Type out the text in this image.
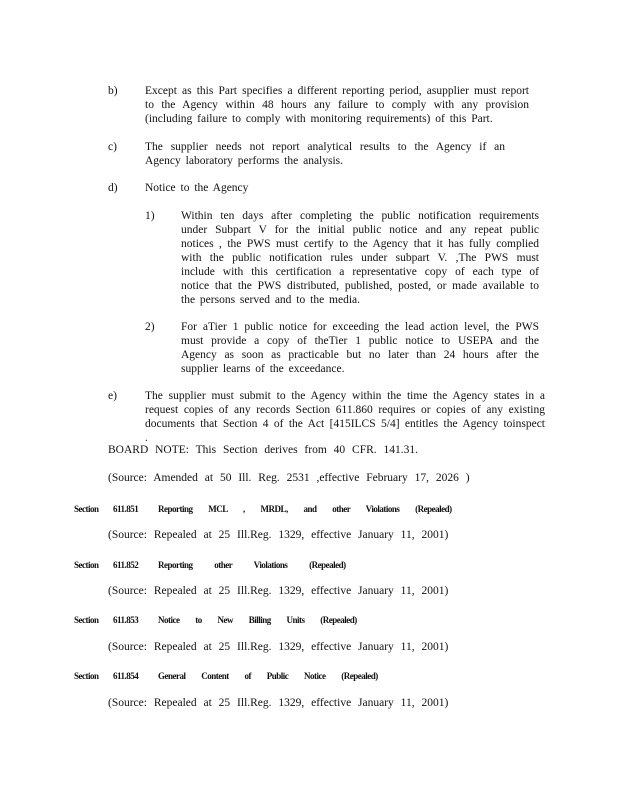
b) Except as this Part specifies a different reporting period, asupplier must report to the Agency within 48 hours any failure to comply with any provision (including failure to comply with monitoring requirements) of this Part.
c) The supplier needs not report analytical results to the Agency if an Agency laboratory performs the analysis.
d) Notice to the Agency
1) Within ten days after completing the public notification requirements under Subpart V for the initial public notice and any repeat public notices , the PWS must certify to the Agency that it has fully complied with the public notification rules under subpart V. ,The PWS must include with this certification a representative copy of each type of notice that the PWS distributed, published, posted, or made available to the persons served and to the media.
2) For aTier 1 public notice for exceeding the lead action level, the PWS must provide a copy of theTier 1 public notice to USEPA and the Agency as soon as practicable but no later than 24 hours after the supplier learns of the exceedance.
e) The supplier must submit to the Agency within the time the Agency states in a request copies of any records Section 611.860 requires or copies of any existing documents that Section 4 of the Act [415ILCS 5/4] entitles the Agency toinspect .
BOARD NOTE: This Section derives from 40 CFR. 141.31.
(Source: Amended at 50 Ill. Reg. 2531 ,effective February 17, 2026 )
Section 611.851 Reporting MCL , MRDL, and other Violations (Repealed)
(Source: Repealed at 25 Ill.Reg. 1329, effective January 11, 2001)
Section 611.852 Reporting other Violations (Repealed)
(Source: Repealed at 25 Ill.Reg. 1329, effective January 11, 2001)
Section 611.853 Notice to New Billing Units (Repealed)
(Source: Repealed at 25 Ill.Reg. 1329, effective January 11, 2001)
Section 611.854 General Content of Public Notice (Repealed)
(Source: Repealed at 25 Ill.Reg. 1329, effective January 11, 2001)
